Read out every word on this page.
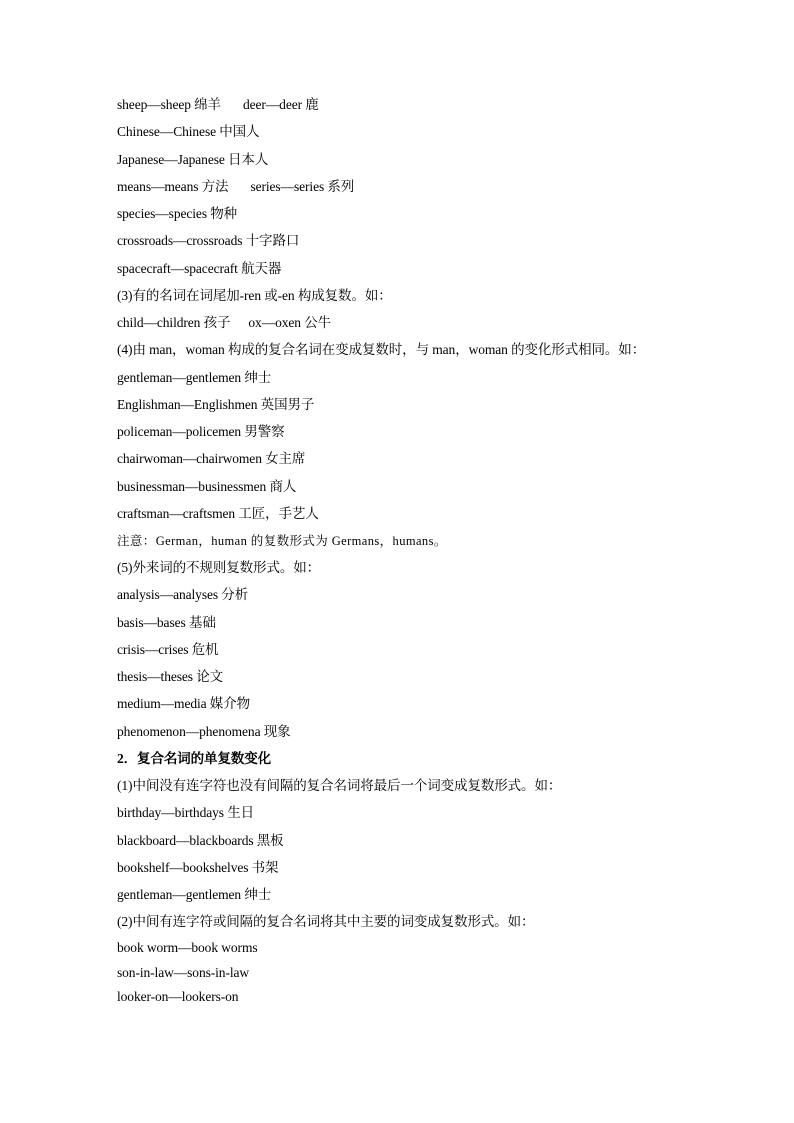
sheep—sheep 绵羊 deer—deer 鹿
Chinese—Chinese 中国人
Japanese—Japanese 日本人
means—means 方法 series—series 系列
species—species 物种
crossroads—crossroads 十字路口
spacecraft—spacecraft 航天器
(3)有的名词在词尾加-ren 或-en 构成复数。如：
child—children 孩子 ox—oxen 公牛
(4)由 man，woman 构成的复合名词在变成复数时，与 man，woman 的变化形式相同。如：
gentleman—gentlemen 绅士
Englishman—Englishmen 英国男子
policeman—policemen 男警察
chairwoman—chairwomen 女主席
businessman—businessmen 商人
craftsman—craftsmen 工匠，手艺人
注意：German，human 的复数形式为 Germans，humans。
(5)外来词的不规则复数形式。如：
analysis—analyses 分析
basis—bases 基础
crisis—crises 危机
thesis—theses 论文
medium—media 媒介物
phenomenon—phenomena 现象
2．复合名词的单复数变化
(1)中间没有连字符也没有间隔的复合名词将最后一个词变成复数形式。如：
birthday—birthdays 生日
blackboard—blackboards 黑板
bookshelf—bookshelves 书架
gentleman—gentlemen 绅士
(2)中间有连字符或间隔的复合名词将其中主要的词变成复数形式。如：
book worm—book worms
son-in-law—sons-in-law
looker-on—lookers-on
